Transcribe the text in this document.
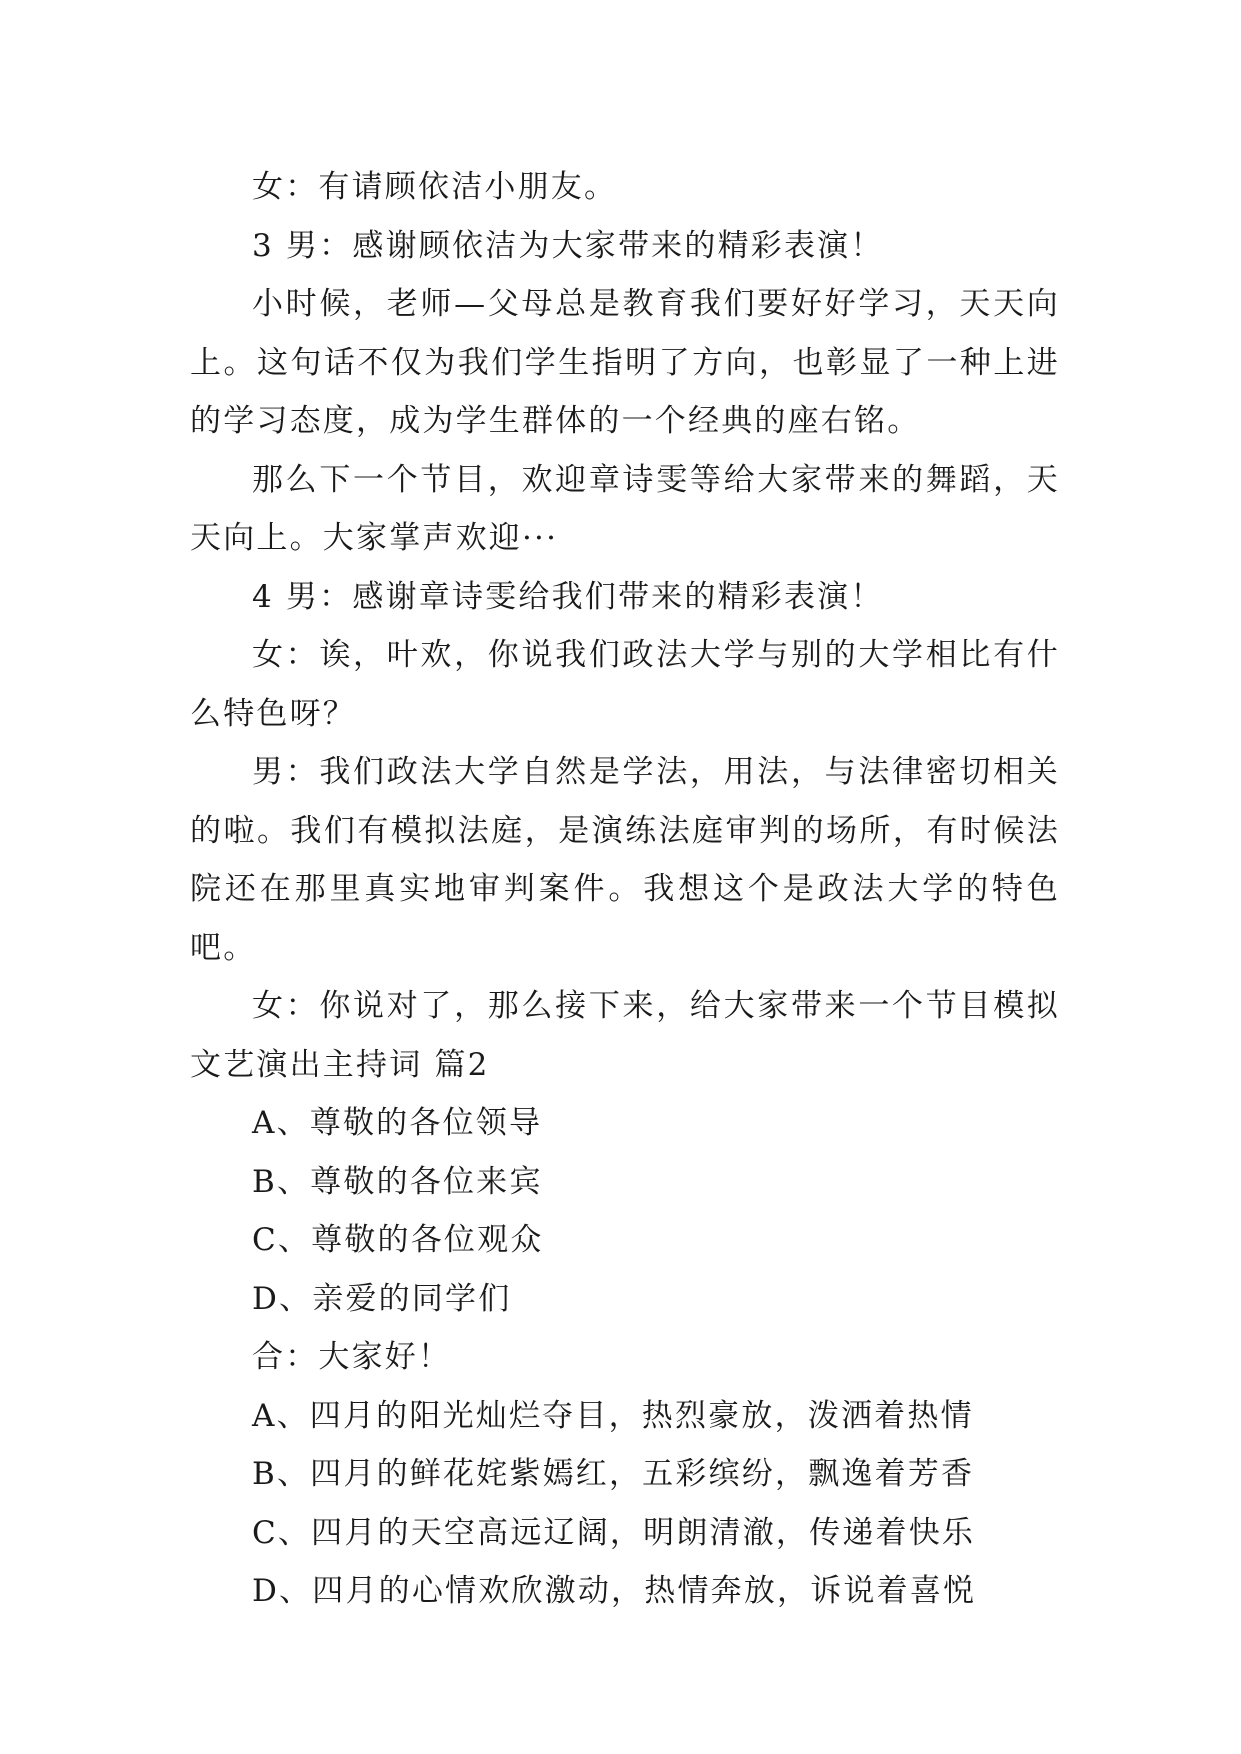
女：有请顾依洁小朋友。

3 男：感谢顾依洁为大家带来的精彩表演！

小时候，老师—父母总是教育我们要好好学习，天天向上。这句话不仅为我们学生指明了方向，也彰显了一种上进的学习态度，成为学生群体的一个经典的座右铭。

那么下一个节目，欢迎章诗雯等给大家带来的舞蹈，天天向上。大家掌声欢迎···

4 男：感谢章诗雯给我们带来的精彩表演！

女：诶，叶欢，你说我们政法大学与别的大学相比有什么特色呀？

男：我们政法大学自然是学法，用法，与法律密切相关的啦。我们有模拟法庭，是演练法庭审判的场所，有时候法院还在那里真实地审判案件。我想这个是政法大学的特色吧。

女：你说对了，那么接下来，给大家带来一个节目模拟文艺演出主持词 篇2

A、尊敬的各位领导

B、尊敬的各位来宾

C、尊敬的各位观众

D、亲爱的同学们

合：大家好！

A、四月的阳光灿烂夺目，热烈豪放，泼洒着热情

B、四月的鲜花姹紫嫣红，五彩缤纷，飘逸着芳香

C、四月的天空高远辽阔，明朗清澈，传递着快乐

D、四月的心情欢欣激动，热情奔放，诉说着喜悦
